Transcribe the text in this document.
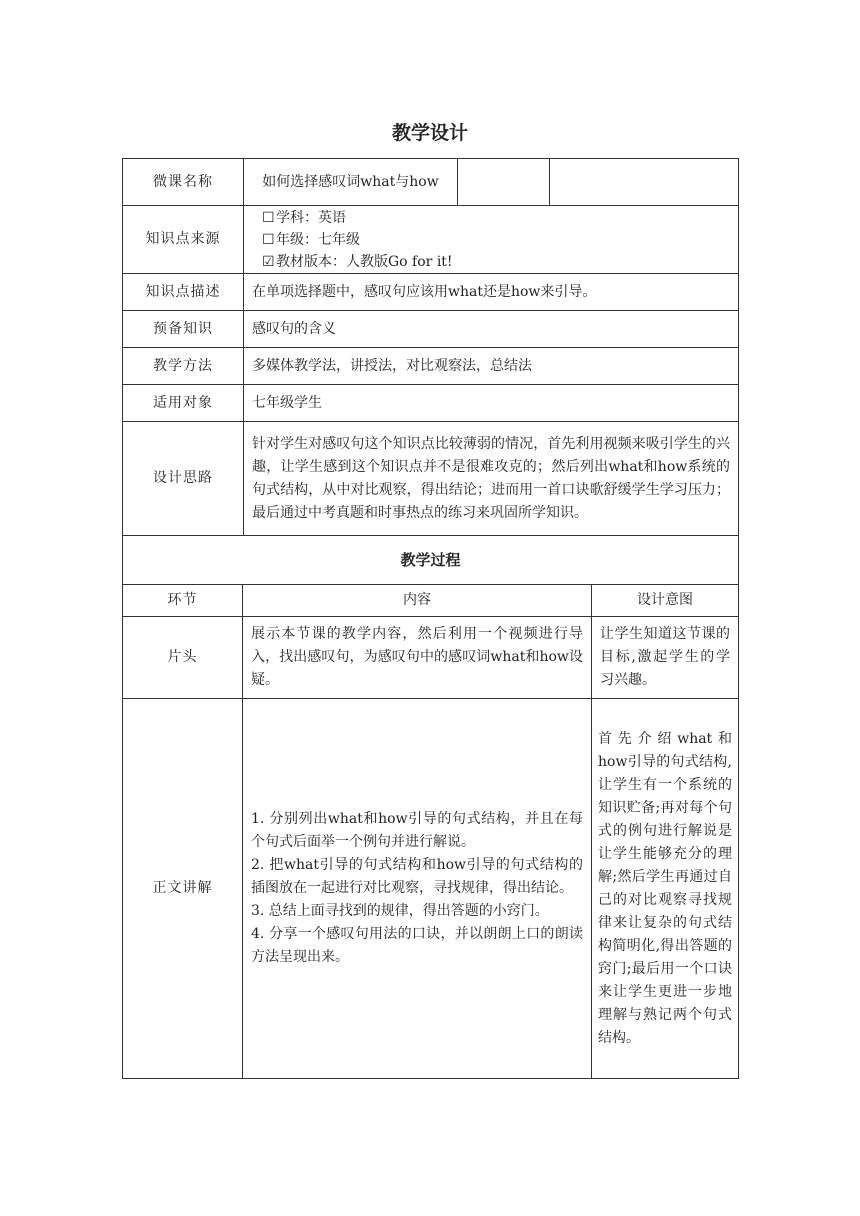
教学设计
微课名称	如何选择感叹词what与how		
知识点来源	☐学科：英语
☐年级：七年级
☑教材版本：人教版Go for it!		

知识点描述	在单项选择题中，感叹句应该用what还是how来引导。		
预备知识	感叹句的含义		
教学方法	多媒体教学法，讲授法，对比观察法，总结法		
适用对象	七年级学生		
设计思路	针对学生对感叹句这个知识点比较薄弱的情况，首先利用视频来吸引学生的兴趣，让学生感到这个知识点并不是很难攻克的；然后列出what和how系统的句式结构，从中对比观察，得出结论；进而用一首口诀歌舒缓学生学习压力；最后通过中考真题和时事热点的练习来巩固所学知识。		
教学过程		
环节	内容	设计意图
片头	展示本节课的教学内容，然后利用一个视频进行导入，找出感叹句，为感叹句中的感叹词what和how设疑。	让学生知道这节课的目标,激起学生的学习兴趣。
正文讲解	1. 分别列出what和how引导的句式结构，并且在每个句式后面举一个例句并进行解说。
2. 把what引导的句式结构和how引导的句式结构的插图放在一起进行对比观察，寻找规律，得出结论。
3. 总结上面寻找到的规律，得出答题的小窍门。
4. 分享一个感叹句用法的口诀，并以朗朗上口的朗读方法呈现出来。	首先介绍what和how引导的句式结构,让学生有一个系统的知识贮备;再对每个句式的例句进行解说是让学生能够充分的理解;然后学生再通过自己的对比观察寻找规律来让复杂的句式结构简明化,得出答题的窍门;最后用一个口诀来让学生更进一步地理解与熟记两个句式结构。
